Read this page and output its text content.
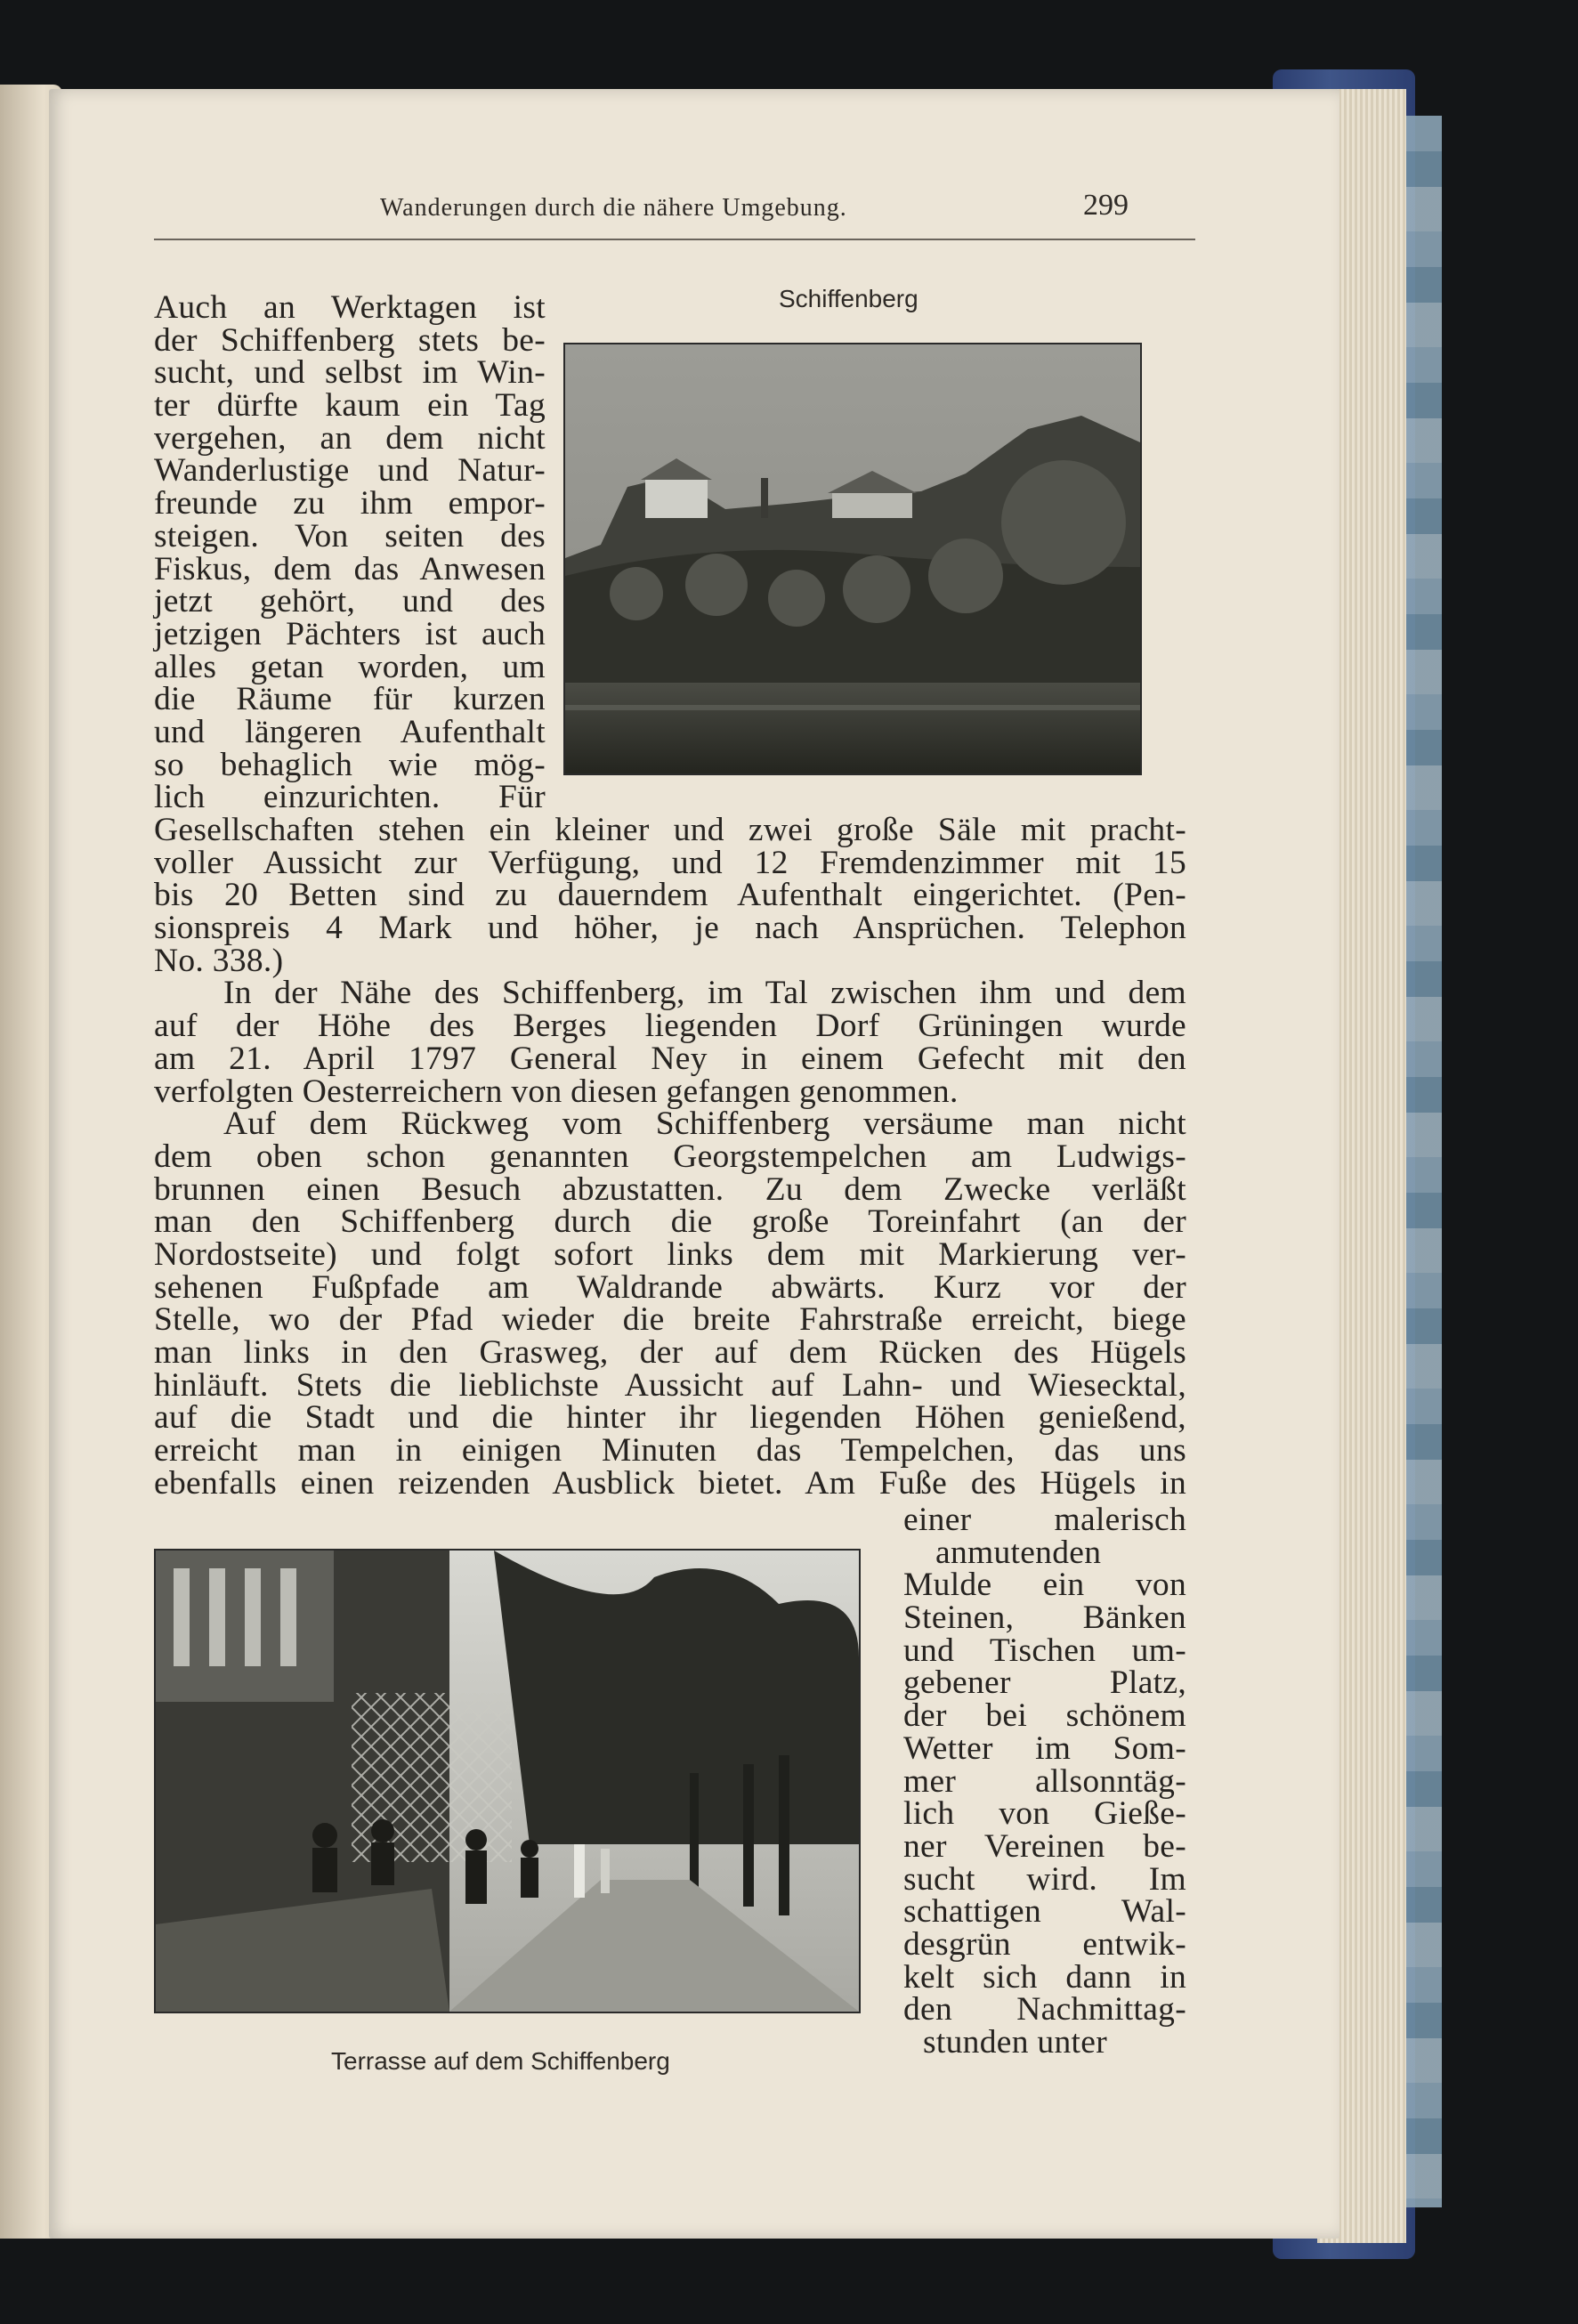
Wanderungen durch die nähere Umgebung.	299
Schiffenberg
Auch an Werktagen ist
der Schiffenberg stets be-
sucht, und selbst im Win-
ter dürfte kaum ein Tag
vergehen, an dem nicht
Wanderlustige und Natur-
freunde zu ihm empor-
steigen. Von seiten des
Fiskus, dem das Anwesen
jetzt gehört, und des
jetzigen Pächters ist auch
alles getan worden, um
die Räume für kurzen
und längeren Aufenthalt
so behaglich wie mög-
lich einzurichten. Für
Gesellschaften stehen ein kleiner und zwei große Säle mit pracht-
voller Aussicht zur Verfügung, und 12 Fremdenzimmer mit 15
bis 20 Betten sind zu dauerndem Aufenthalt eingerichtet. (Pen-
sionspreis 4 Mark und höher, je nach Ansprüchen. Telephon
No. 338.)
In der Nähe des Schiffenberg, im Tal zwischen ihm und dem
auf der Höhe des Berges liegenden Dorf Grüningen wurde
am 21. April 1797 General Ney in einem Gefecht mit den
verfolgten Oesterreichern von diesen gefangen genommen.
Auf dem Rückweg vom Schiffenberg versäume man nicht
dem oben schon genannten Georgstempelchen am Ludwigs-
brunnen einen Besuch abzustatten. Zu dem Zwecke verläßt
man den Schiffenberg durch die große Toreinfahrt (an der
Nordostseite) und folgt sofort links dem mit Markierung ver-
sehenen Fußpfade am Waldrande abwärts. Kurz vor der
Stelle, wo der Pfad wieder die breite Fahrstraße erreicht, biege
man links in den Grasweg, der auf dem Rücken des Hügels
hinläuft. Stets die lieblichste Aussicht auf Lahn- und Wiesecktal,
auf die Stadt und die hinter ihr liegenden Höhen genießend,
erreicht man in einigen Minuten das Tempelchen, das uns
ebenfalls einen reizenden Ausblick bietet. Am Fuße des Hügels in
Terrasse auf dem Schiffenberg
einer malerisch
anmutenden
Mulde ein von
Steinen, Bänken
und Tischen um-
gebener Platz,
der bei schönem
Wetter im Som-
mer allsonntäg-
lich von Gieße-
ner Vereinen be-
sucht wird. Im
schattigen Wal-
desgrün entwik-
kelt sich dann in
den Nachmittag-
stunden unter
